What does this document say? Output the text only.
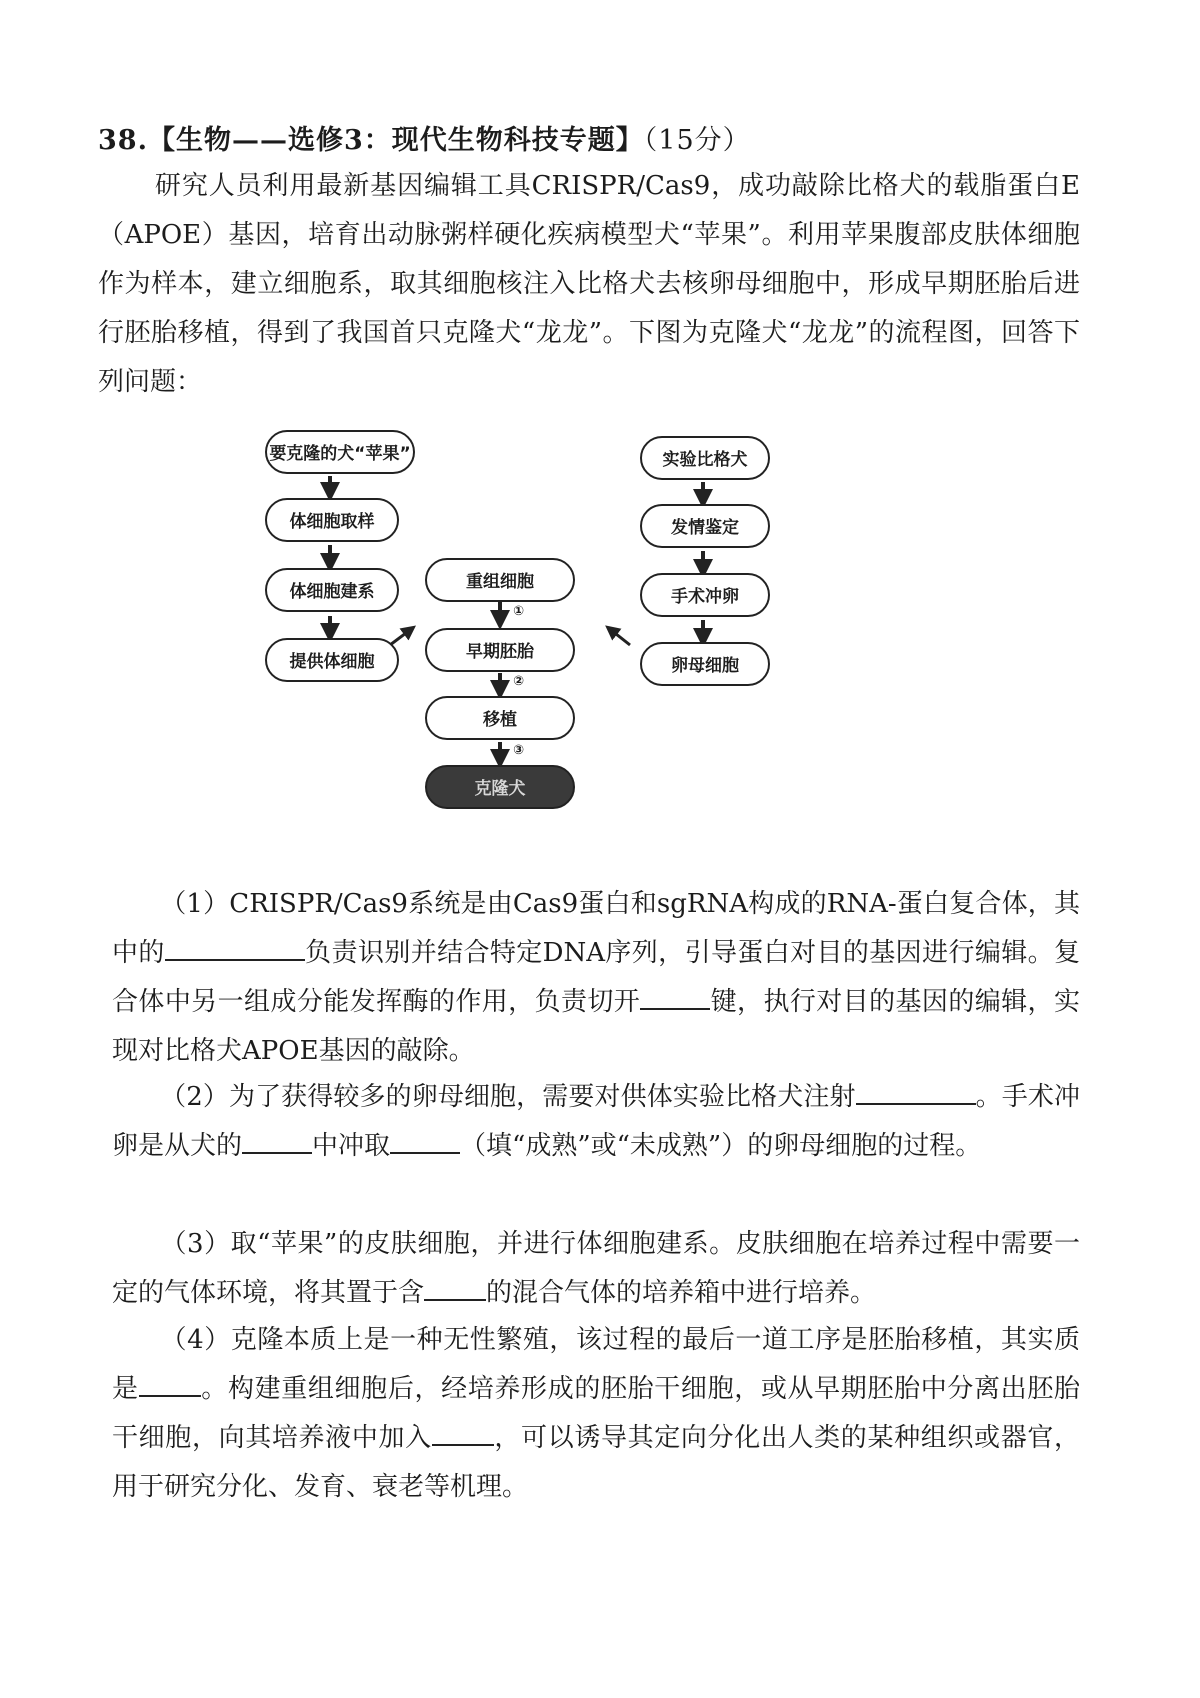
38.【生物——选修3：现代生物科技专题】（15分）
研究人员利用最新基因编辑工具CRISPR/Cas9，成功敲除比格犬的载脂蛋白E（APOE）基因，培育出动脉粥样硬化疾病模型犬“苹果”。利用苹果腹部皮肤体细胞作为样本，建立细胞系，取其细胞核注入比格犬去核卵母细胞中，形成早期胚胎后进行胚胎移植，得到了我国首只克隆犬“龙龙”。下图为克隆犬“龙龙”的流程图，回答下列问题：
要克隆的犬“苹果”
体细胞取样
体细胞建系
提供体细胞
实验比格犬
发情鉴定
手术冲卵
卵母细胞
重组细胞
早期胚胎
移植
克隆犬
①
②
③
（1）CRISPR/Cas9系统是由Cas9蛋白和sgRNA构成的RNA-蛋白复合体，其中的	负责识别并结合特定DNA序列，引导蛋白对目的基因进行编辑。复合体中另一组成分能发挥酶的作用，负责切开	键，执行对目的基因的编辑，实现对比格犬APOE基因的敲除。
（2）为了获得较多的卵母细胞，需要对供体实验比格犬注射	。手术冲卵是从犬的	中冲取	（填“成熟”或“未成熟”）的卵母细胞的过程。
（3）取“苹果”的皮肤细胞，并进行体细胞建系。皮肤细胞在培养过程中需要一定的气体环境，将其置于含 的混合气体的培养箱中进行培养。
（4）克隆本质上是一种无性繁殖，该过程的最后一道工序是胚胎移植，其实质是 。构建重组细胞后，经培养形成的胚胎干细胞，或从早期胚胎中分离出胚胎干细胞，向其培养液中加入 ，可以诱导其定向分化出人类的某种组织或器官，用于研究分化、发育、衰老等机理。
